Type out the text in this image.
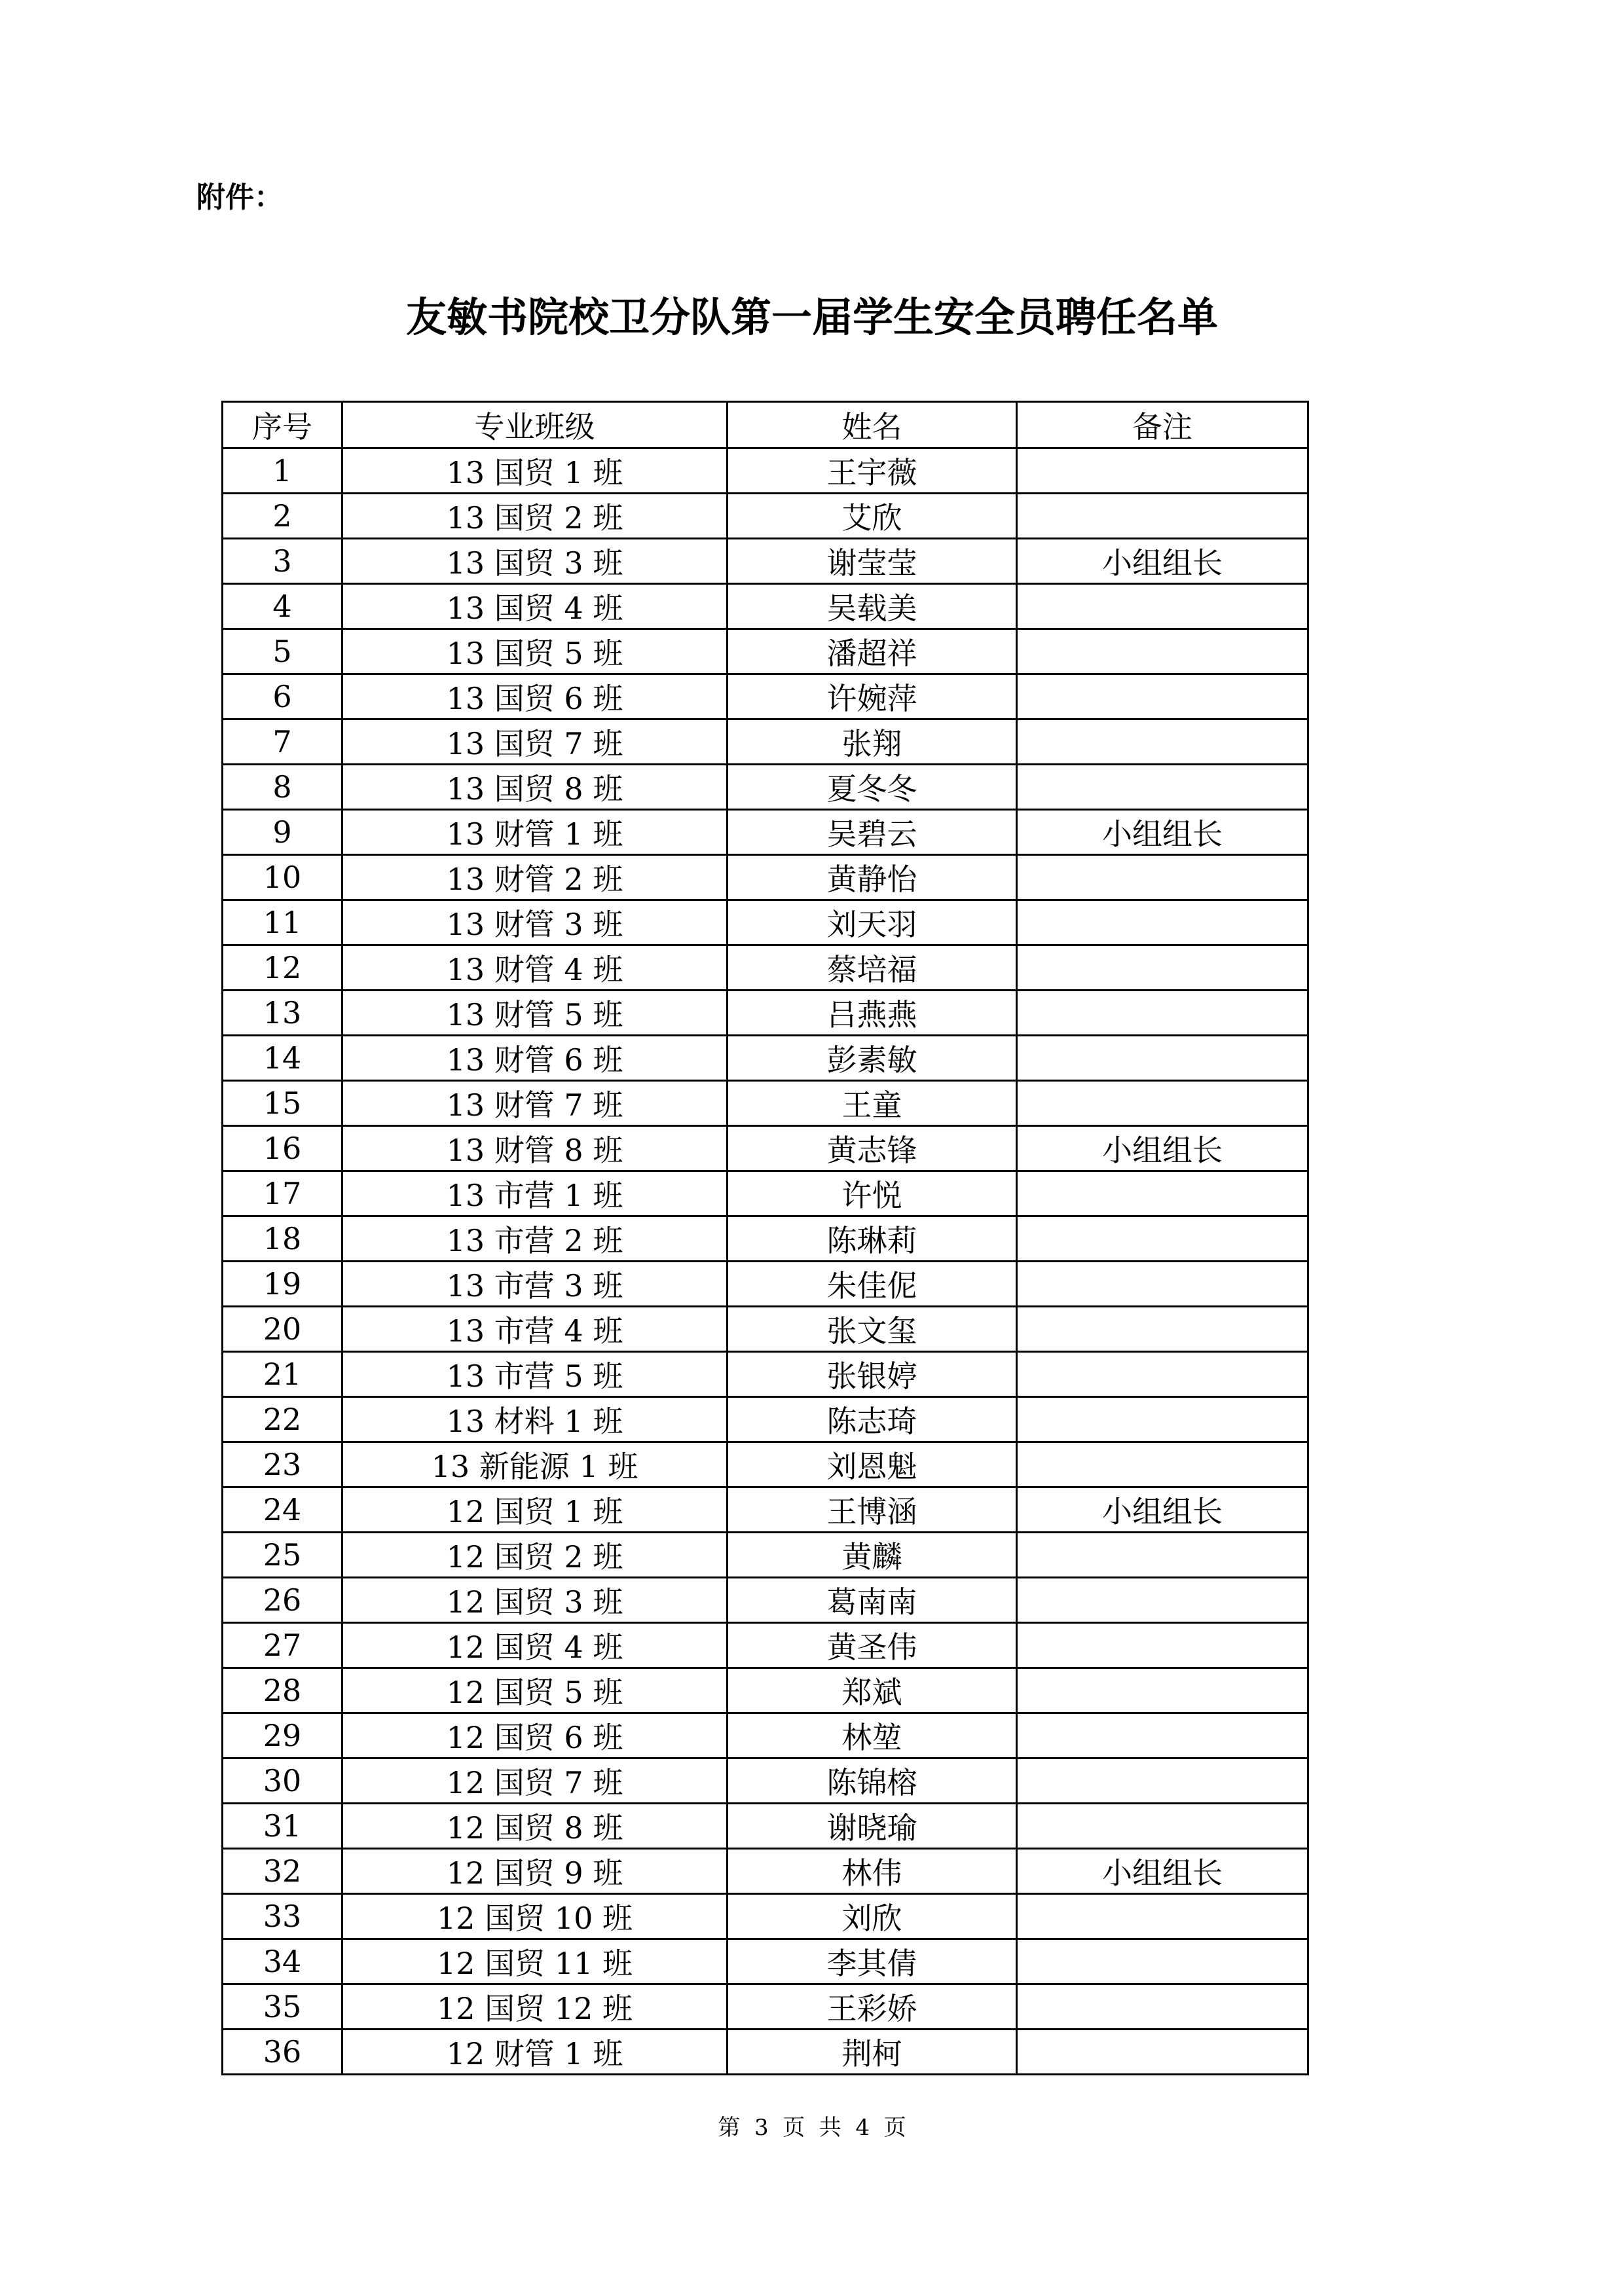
附件：
友敏书院校卫分队第一届学生安全员聘任名单
序号	专业班级	姓名	备注
1	13 国贸 1 班	王宇薇	
2	13 国贸 2 班	艾欣	
3	13 国贸 3 班	谢莹莹	小组组长
4	13 国贸 4 班	吴载美	
5	13 国贸 5 班	潘超祥	
6	13 国贸 6 班	许婉萍	
7	13 国贸 7 班	张翔	
8	13 国贸 8 班	夏冬冬	
9	13 财管 1 班	吴碧云	小组组长
10	13 财管 2 班	黄静怡	
11	13 财管 3 班	刘天羽	
12	13 财管 4 班	蔡培福	
13	13 财管 5 班	吕燕燕	
14	13 财管 6 班	彭素敏	
15	13 财管 7 班	王童	
16	13 财管 8 班	黄志锋	小组组长
17	13 市营 1 班	许悦	
18	13 市营 2 班	陈琳莉	
19	13 市营 3 班	朱佳伲	
20	13 市营 4 班	张文玺	
21	13 市营 5 班	张银婷	
22	13 材料 1 班	陈志琦	
23	13 新能源 1 班	刘恩魁	
24	12 国贸 1 班	王博涵	小组组长
25	12 国贸 2 班	黄麟	
26	12 国贸 3 班	葛南南	
27	12 国贸 4 班	黄圣伟	
28	12 国贸 5 班	郑斌	
29	12 国贸 6 班	林堃	
30	12 国贸 7 班	陈锦榕	
31	12 国贸 8 班	谢晓瑜	
32	12 国贸 9 班	林伟	小组组长
33	12 国贸 10 班	刘欣	
34	12 国贸 11 班	李其倩	
35	12 国贸 12 班	王彩娇	
36	12 财管 1 班	荆柯	
第  3  页  共  4  页
